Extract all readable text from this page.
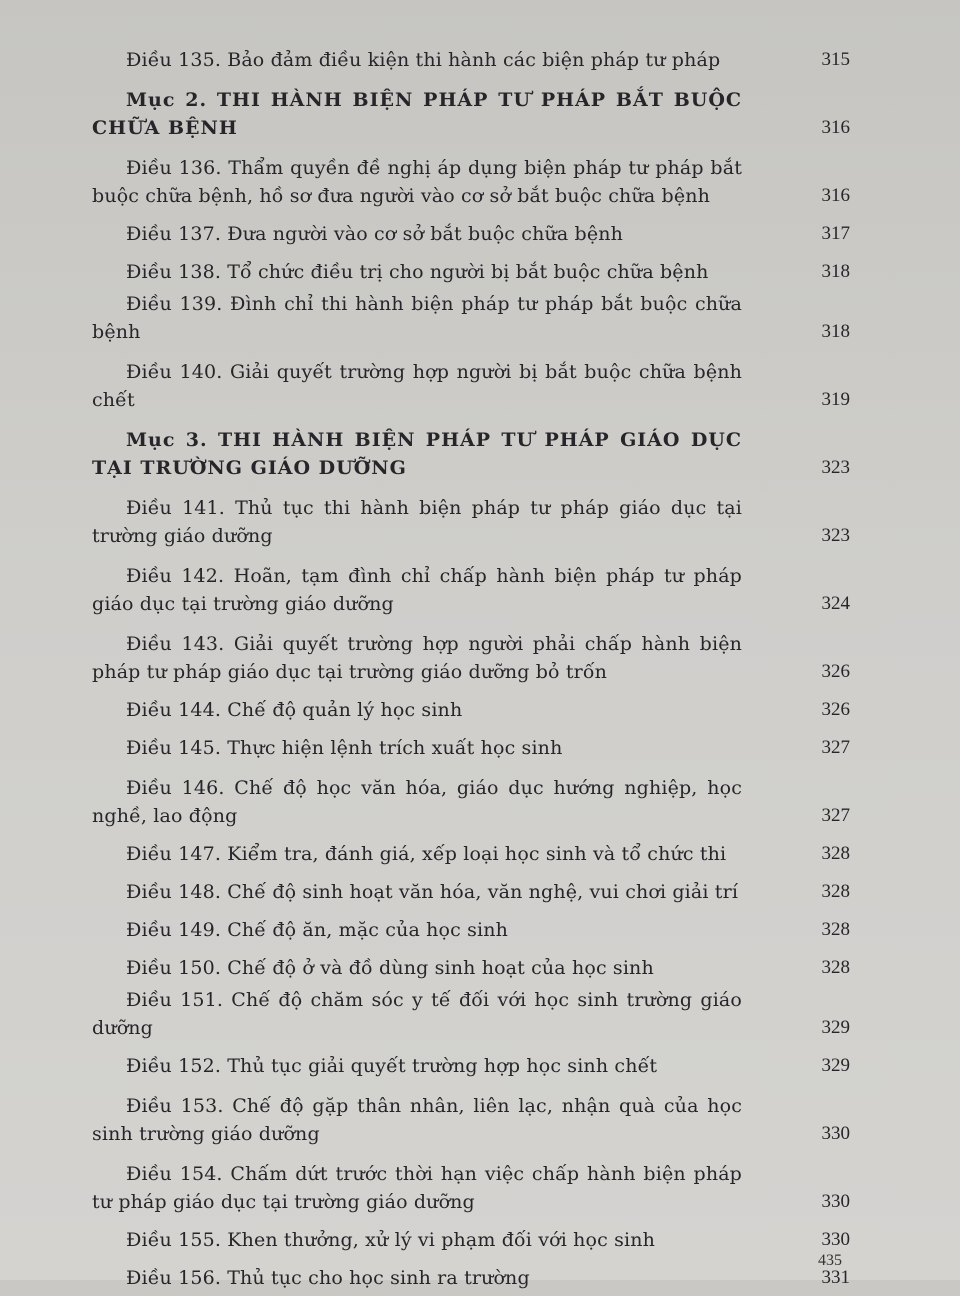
Điều 135. Bảo đảm điều kiện thi hành các biện pháp tư pháp	315
Mục 2. THI HÀNH BIỆN PHÁP TƯ PHÁP BẮT BUỘC CHỮA BỆNH	316
Điều 136. Thẩm quyền đề nghị áp dụng biện pháp tư pháp bắt buộc chữa bệnh, hồ sơ đưa người vào cơ sở bắt buộc chữa bệnh	316
Điều 137. Đưa người vào cơ sở bắt buộc chữa bệnh	317
Điều 138. Tổ chức điều trị cho người bị bắt buộc chữa bệnh	318
Điều 139. Đình chỉ thi hành biện pháp tư pháp bắt buộc chữa bệnh	318
Điều 140. Giải quyết trường hợp người bị bắt buộc chữa bệnh chết	319
Mục 3. THI HÀNH BIỆN PHÁP TƯ PHÁP GIÁO DỤC TẠI TRƯỜNG GIÁO DƯỠNG	323
Điều 141. Thủ tục thi hành biện pháp tư pháp giáo dục tại trường giáo dưỡng	323
Điều 142. Hoãn, tạm đình chỉ chấp hành biện pháp tư pháp giáo dục tại trường giáo dưỡng	324
Điều 143. Giải quyết trường hợp người phải chấp hành biện pháp tư pháp giáo dục tại trường giáo dưỡng bỏ trốn	326
Điều 144. Chế độ quản lý học sinh	326
Điều 145. Thực hiện lệnh trích xuất học sinh	327
Điều 146. Chế độ học văn hóa, giáo dục hướng nghiệp, học nghề, lao động	327
Điều 147. Kiểm tra, đánh giá, xếp loại học sinh và tổ chức thi	328
Điều 148. Chế độ sinh hoạt văn hóa, văn nghệ, vui chơi giải trí	328
Điều 149. Chế độ ăn, mặc của học sinh	328
Điều 150. Chế độ ở và đồ dùng sinh hoạt của học sinh	328
Điều 151. Chế độ chăm sóc y tế đối với học sinh trường giáo dưỡng	329
Điều 152. Thủ tục giải quyết trường hợp học sinh chết	329
Điều 153. Chế độ gặp thân nhân, liên lạc, nhận quà của học sinh trường giáo dưỡng	330
Điều 154. Chấm dứt trước thời hạn việc chấp hành biện pháp tư pháp giáo dục tại trường giáo dưỡng	330
Điều 155. Khen thưởng, xử lý vi phạm đối với học sinh	330
Điều 156. Thủ tục cho học sinh ra trường	331
435
